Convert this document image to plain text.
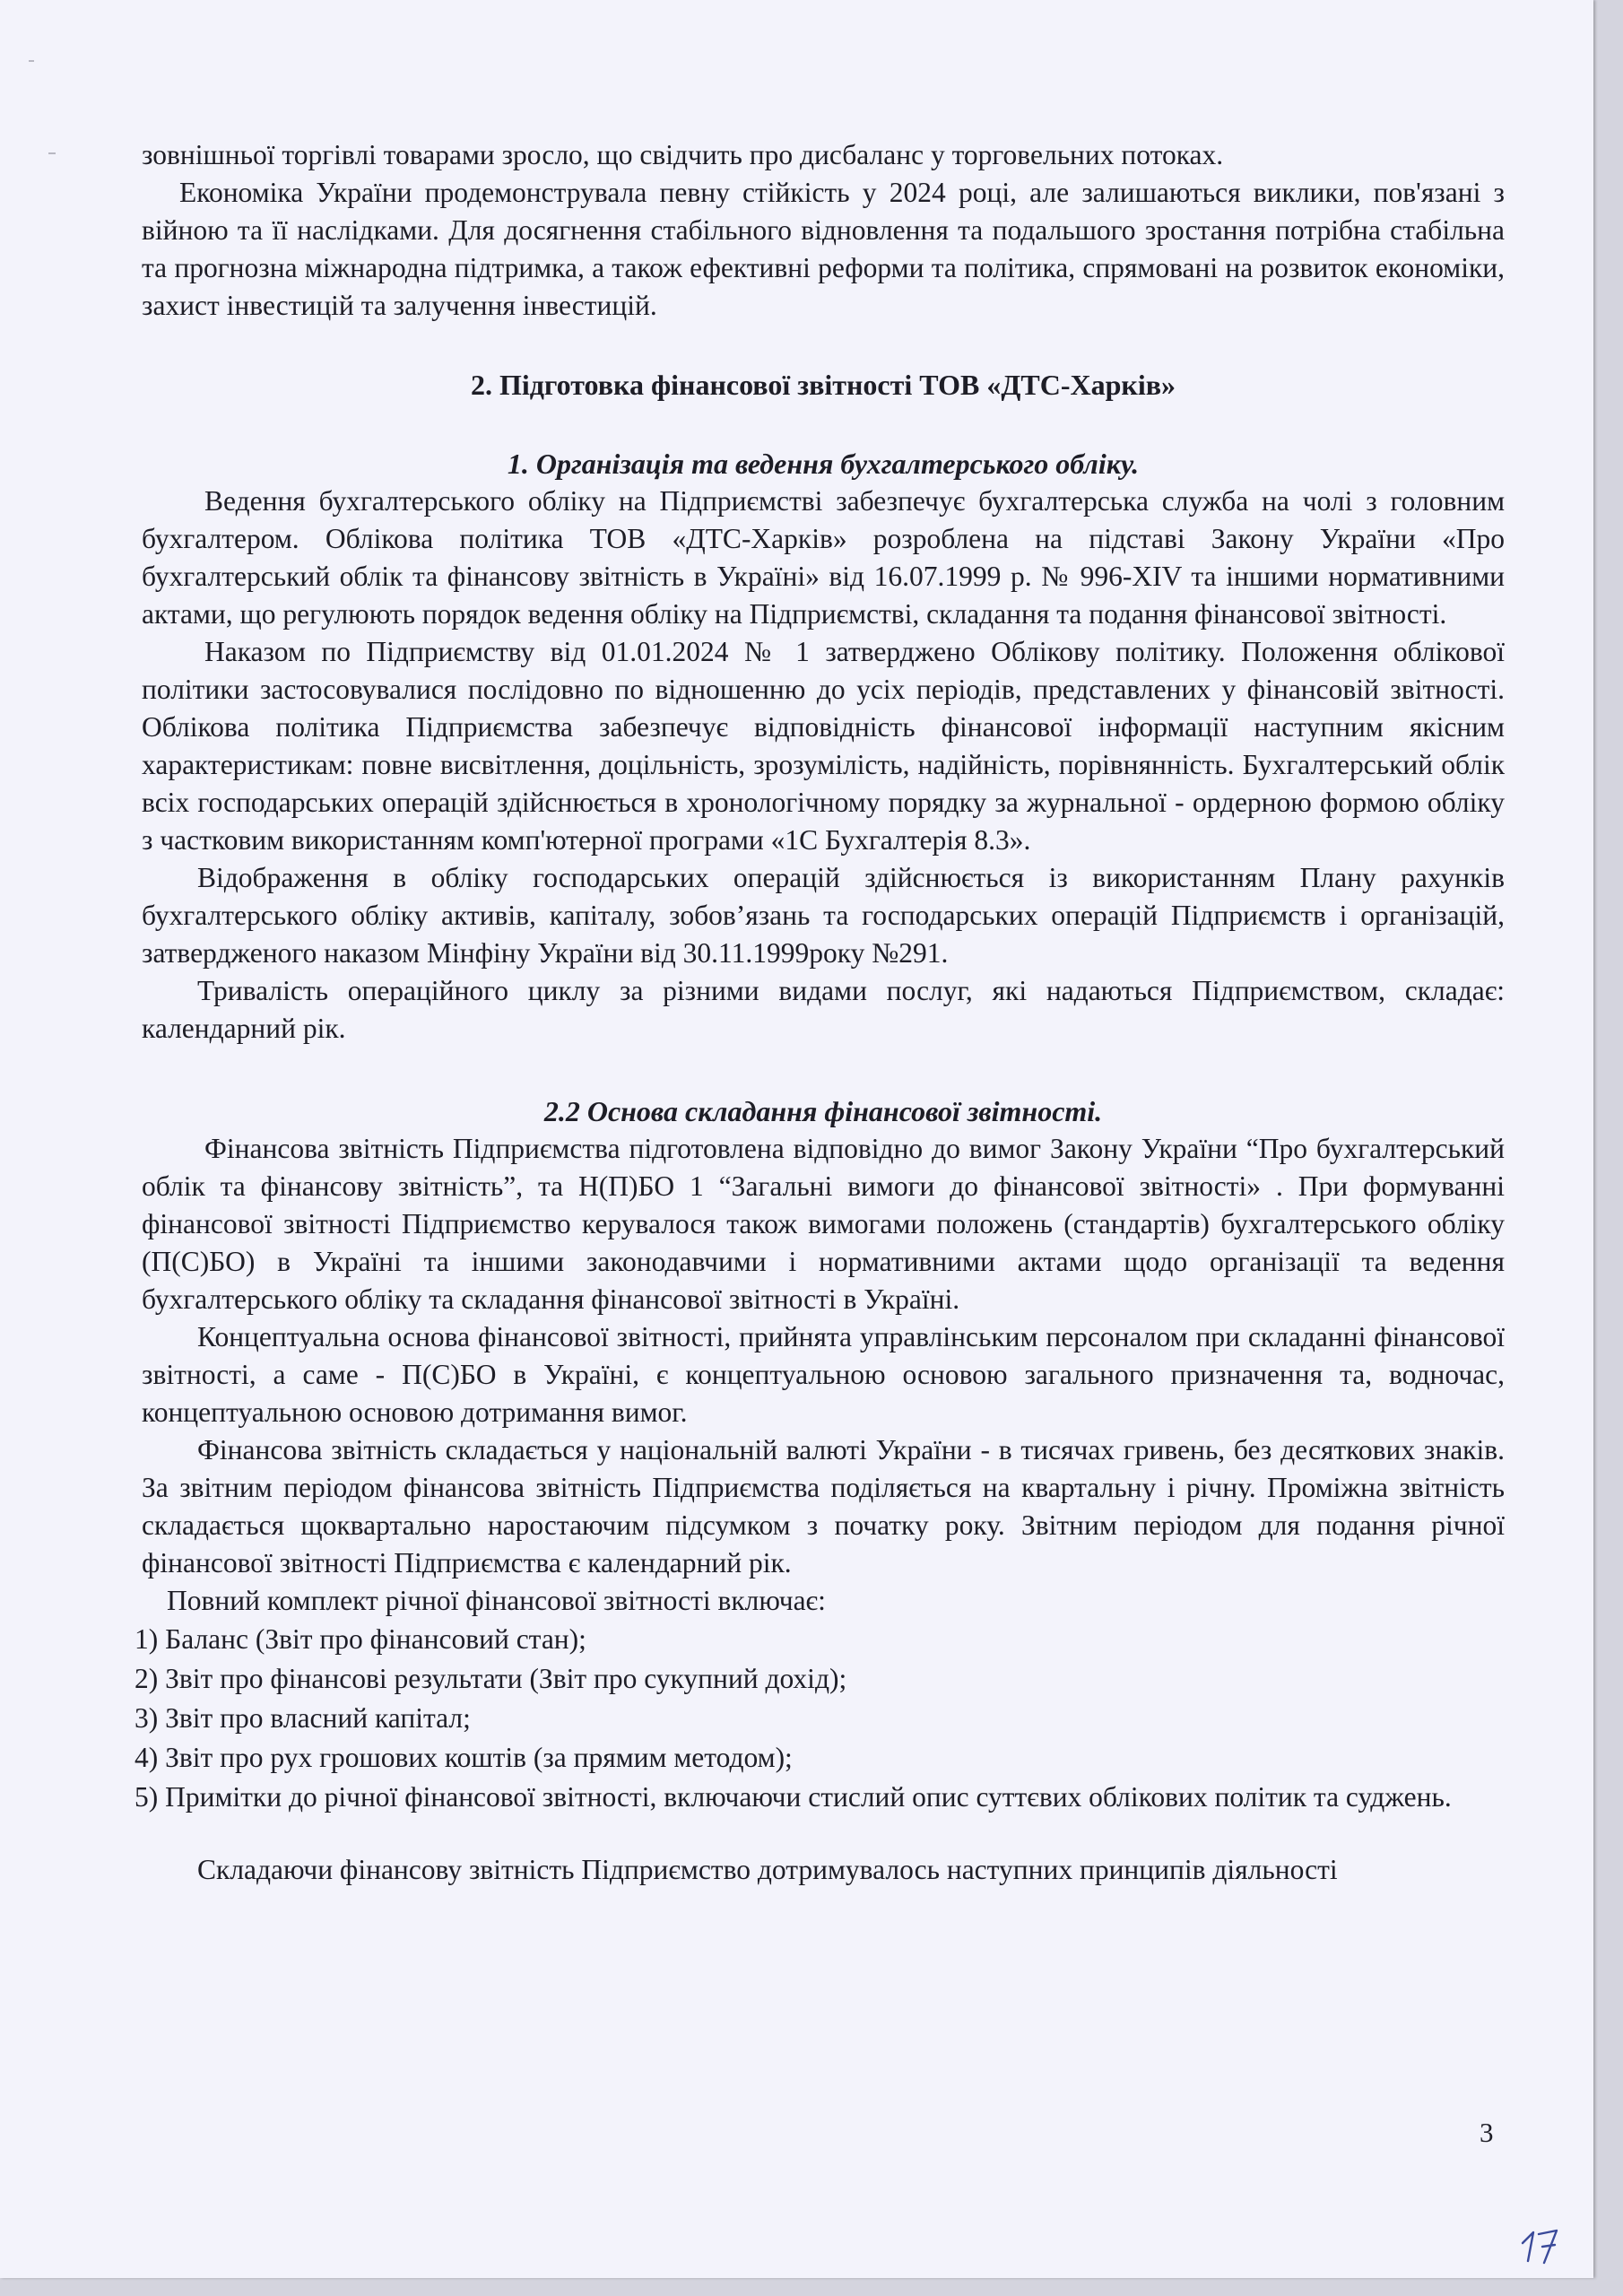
зовнішньої торгівлі товарами зросло, що свідчить про дисбаланс у торговельних потоках.

Економіка України продемонструвала певну стійкість у 2024 році, але залишаються виклики, пов'язані з війною та її наслідками. Для досягнення стабільного відновлення та подальшого зростання потрібна стабільна та прогнозна міжнародна підтримка, а також ефективні реформи та політика, спрямовані на розвиток економіки, захист інвестицій та залучення інвестицій.

2. Підготовка фінансової звітності ТОВ «ДТС-Харків»
1. Організація та ведення бухгалтерського обліку.

Ведення бухгалтерського обліку на Підприємстві забезпечує бухгалтерська служба на чолі з головним бухгалтером. Облікова політика ТОВ «ДТС-Харків» розроблена на підставі Закону України «Про бухгалтерський облік та фінансову звітність в Україні» від 16.07.1999 р. № 996-XIV та іншими нормативними актами, що регулюють порядок ведення обліку на Підприємстві, складання та подання фінансової звітності.

Наказом по Підприємству від 01.01.2024 № 1 затверджено Облікову політику. Положення облікової політики застосовувалися послідовно по відношенню до усіх періодів, представлених у фінансовій звітності. Облікова політика Підприємства забезпечує відповідність фінансової інформації наступним якісним характеристикам: повне висвітлення, доцільність, зрозумілість, надійність, порівнянність. Бухгалтерський облік всіх господарських операцій здійснюється в хронологічному порядку за журнальної - ордерною формою обліку з частковим використанням комп'ютерної програми «1С Бухгалтерія 8.3».

Відображення в обліку господарських операцій здійснюється із використанням Плану рахунків бухгалтерського обліку активів, капіталу, зобов’язань та господарських операцій Підприємств і організацій, затвердженого наказом Мінфіну України від 30.11.1999року №291.

Тривалість операційного циклу за різними видами послуг, які надаються Підприємством, складає: календарний рік.

2.2 Основа складання фінансової звітності.

Фінансова звітність Підприємства підготовлена відповідно до вимог Закону України “Про бухгалтерський облік та фінансову звітність”, та Н(П)БО 1 “Загальні вимоги до фінансової звітності» . При формуванні фінансової звітності Підприємство керувалося також вимогами положень (стандартів) бухгалтерського обліку (П(С)БО) в Україні та іншими законодавчими і нормативними актами щодо організації та ведення бухгалтерського обліку та складання фінансової звітності в Україні.

Концептуальна основа фінансової звітності, прийнята управлінським персоналом при складанні фінансової звітності, а саме - П(С)БО в Україні, є концептуальною основою загального призначення та, водночас, концептуальною основою дотримання вимог.

Фінансова звітність складається у національній валюті України - в тисячах гривень, без десяткових знаків. За звітним періодом фінансова звітність Підприємства поділяється на квартальну і річну. Проміжна звітність складається щоквартально наростаючим підсумком з початку року. Звітним періодом для подання річної фінансової звітності Підприємства є календарний рік.

Повний комплект річної фінансової звітності включає:

1) Баланс (Звіт про фінансовий стан);

2) Звіт про фінансові результати (Звіт про сукупний дохід);

3) Звіт про власний капітал;

4) Звіт про рух грошових коштів (за прямим методом);

5) Примітки до річної фінансової звітності, включаючи стислий опис суттєвих облікових політик та суджень.

Складаючи фінансову звітність Підприємство дотримувалось наступних принципів діяльності

3
